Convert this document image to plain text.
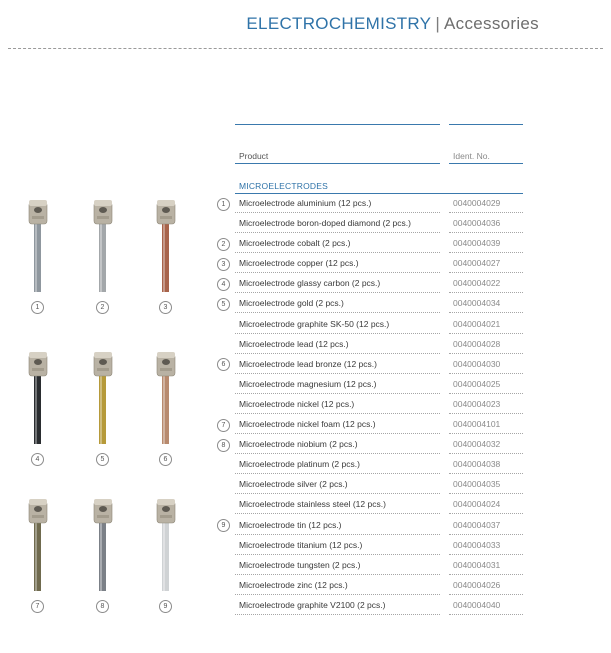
ELECTROCHEMISTRY | Accessories
Product	Ident. No.
MICROELECTRODES
1	Microelectrode aluminium (12 pcs.)	0040004029
Microelectrode boron-doped diamond (2 pcs.)	0040004036
2	Microelectrode cobalt (2 pcs.)	0040004039
3	Microelectrode copper (12 pcs.)	0040004027
4	Microelectrode glassy carbon (2 pcs.)	0040004022
5	Microelectrode gold (2 pcs.)	0040004034
Microelectrode graphite SK-50 (12 pcs.)	0040004021
Microelectrode lead (12 pcs.)	0040004028
6	Microelectrode lead bronze (12 pcs.)	0040004030
Microelectrode magnesium (12 pcs.)	0040004025
Microelectrode nickel (12 pcs.)	0040004023
7	Microelectrode nickel foam (12 pcs.)	0040004101
8	Microelectrode niobium (2 pcs.)	0040004032
Microelectrode platinum (2 pcs.)	0040004038
Microelectrode silver (2 pcs.)	0040004035
Microelectrode stainless steel (12 pcs.)	0040004024
9	Microelectrode tin (12 pcs.)	0040004037
Microelectrode titanium (12 pcs.)	0040004033
Microelectrode tungsten (2 pcs.)	0040004031
Microelectrode zinc (12 pcs.)	0040004026
Microelectrode graphite V2100 (2 pcs.)	0040004040
1	2	3
4	5	6
7	8	9
